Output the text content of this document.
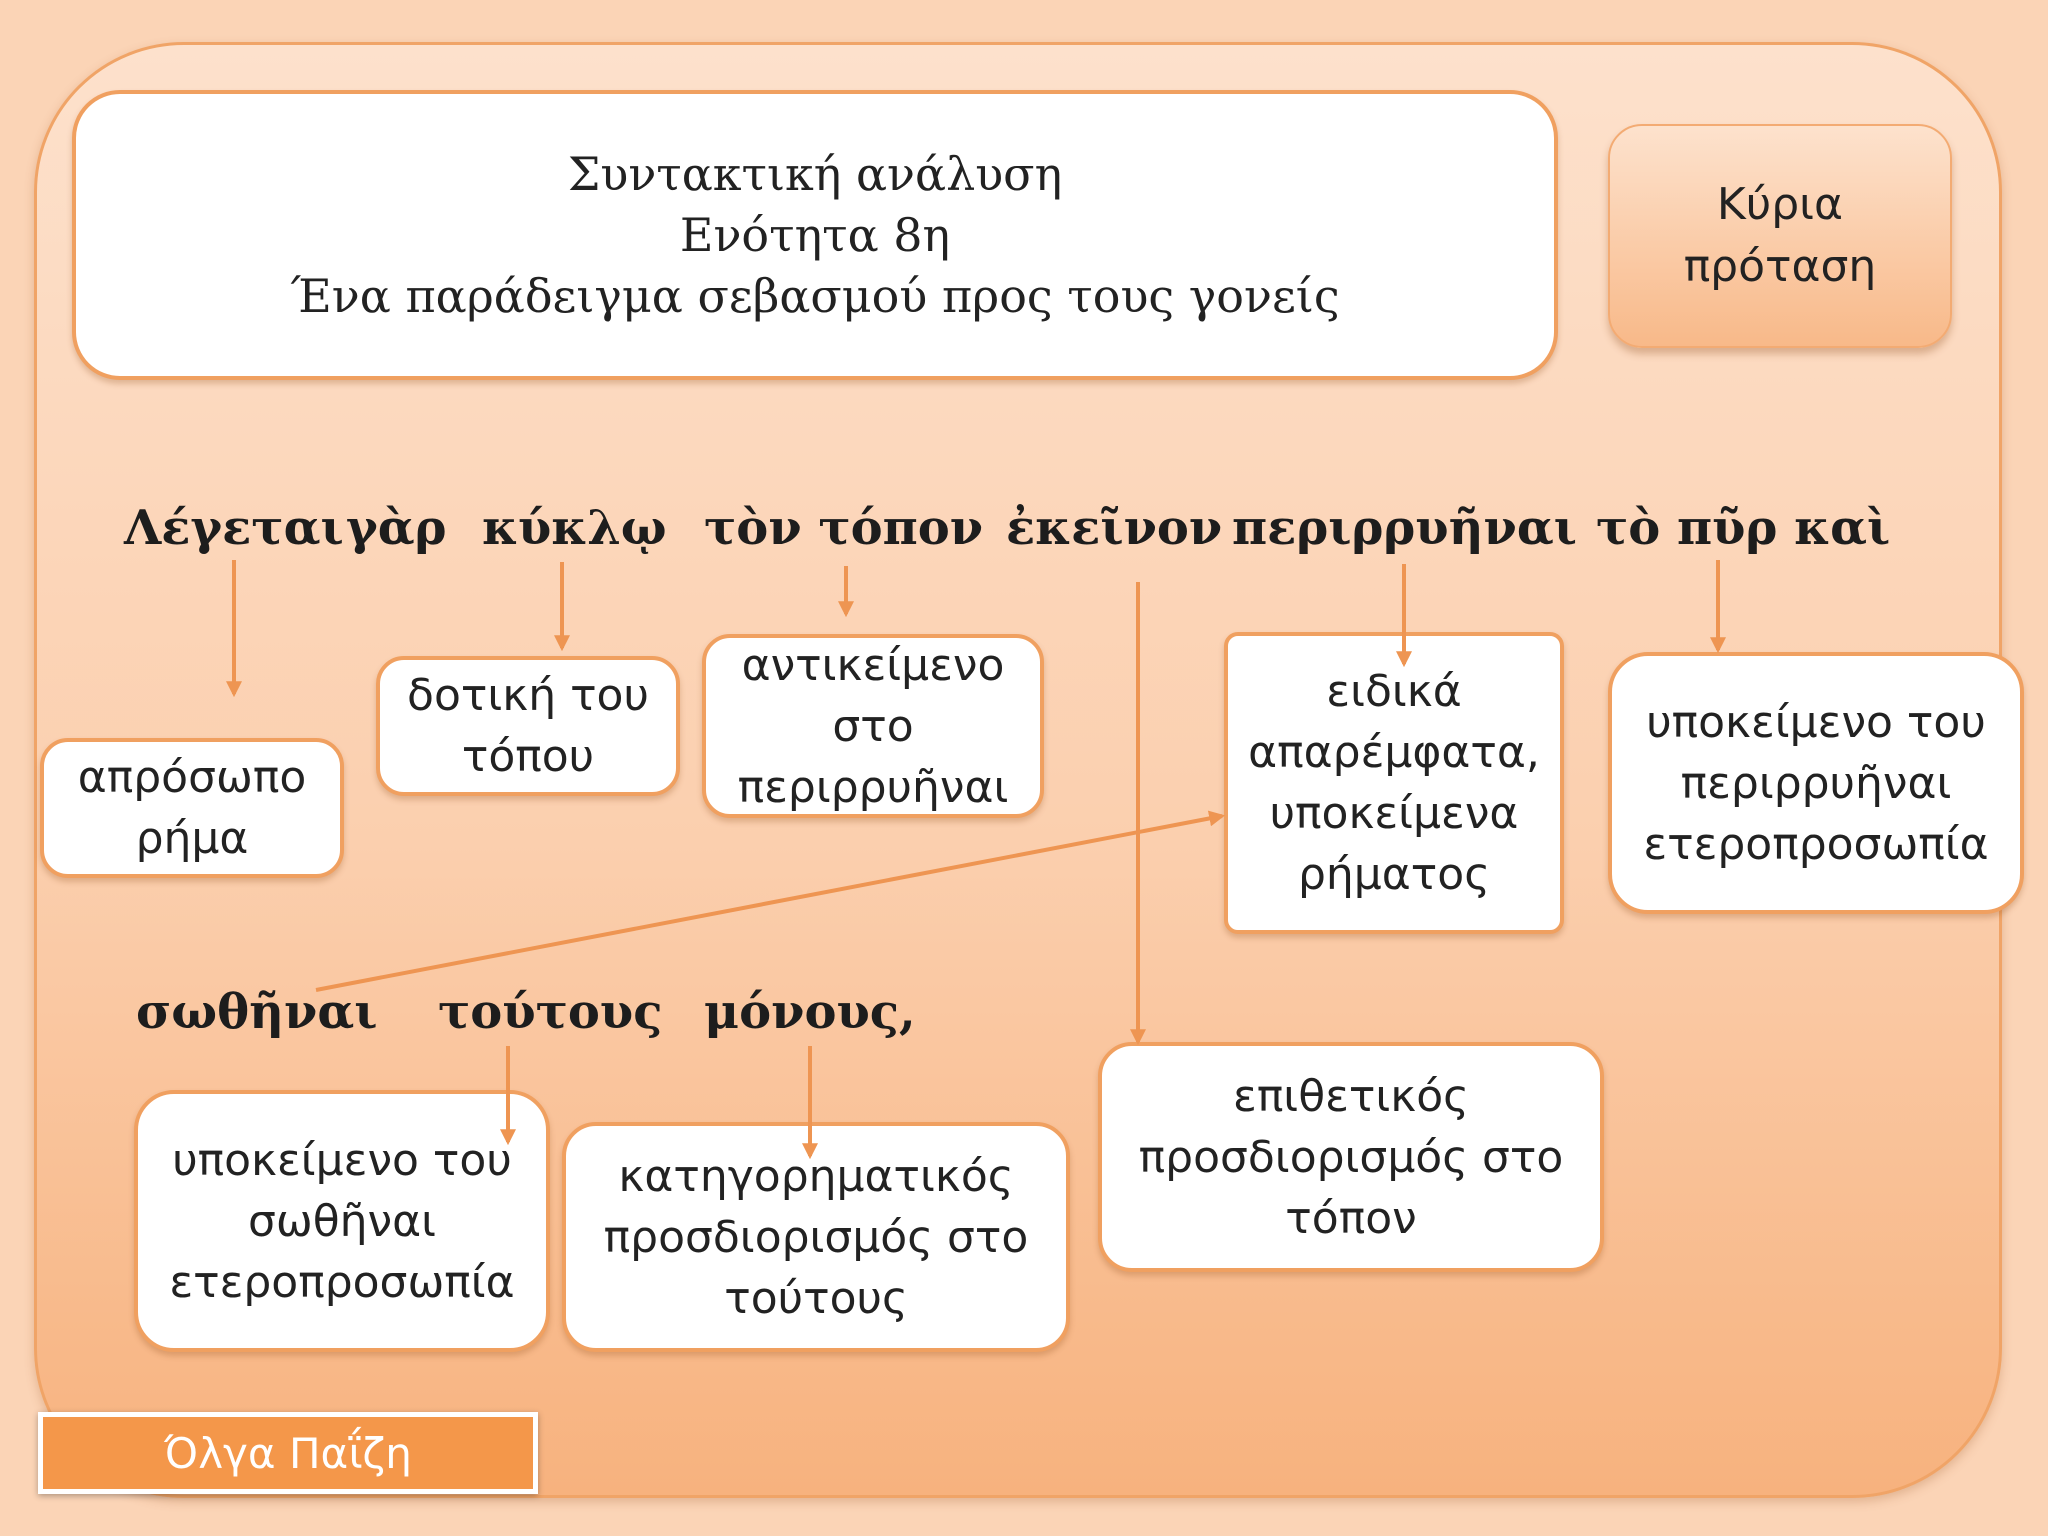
Συντακτική ανάλυση
Ενότητα 8η
Ένα παράδειγμα σεβασμού προς τους γονείς
Κύρια
πρόταση
Λέγεται γὰρ κύκλῳ τὸν τόπον ἐκεῖνον περιρρυῆναι τὸ πῦρ καὶ
σωθῆναι τούτους μόνους,
απρόσωπο
ρήμα
δοτική του
τόπου
αντικείμενο
στο
περιρρυῆναι
ειδικά
απαρέμφατα,
υποκείμενα
ρήματος
υποκείμενο του
περιρρυῆναι
ετεροπροσωπία
υποκείμενο του
σωθῆναι
ετεροπροσωπία
κατηγορηματικός
προσδιορισμός στο
τούτους
επιθετικός
προσδιορισμός στο
τόπον
Όλγα Παΐζη
